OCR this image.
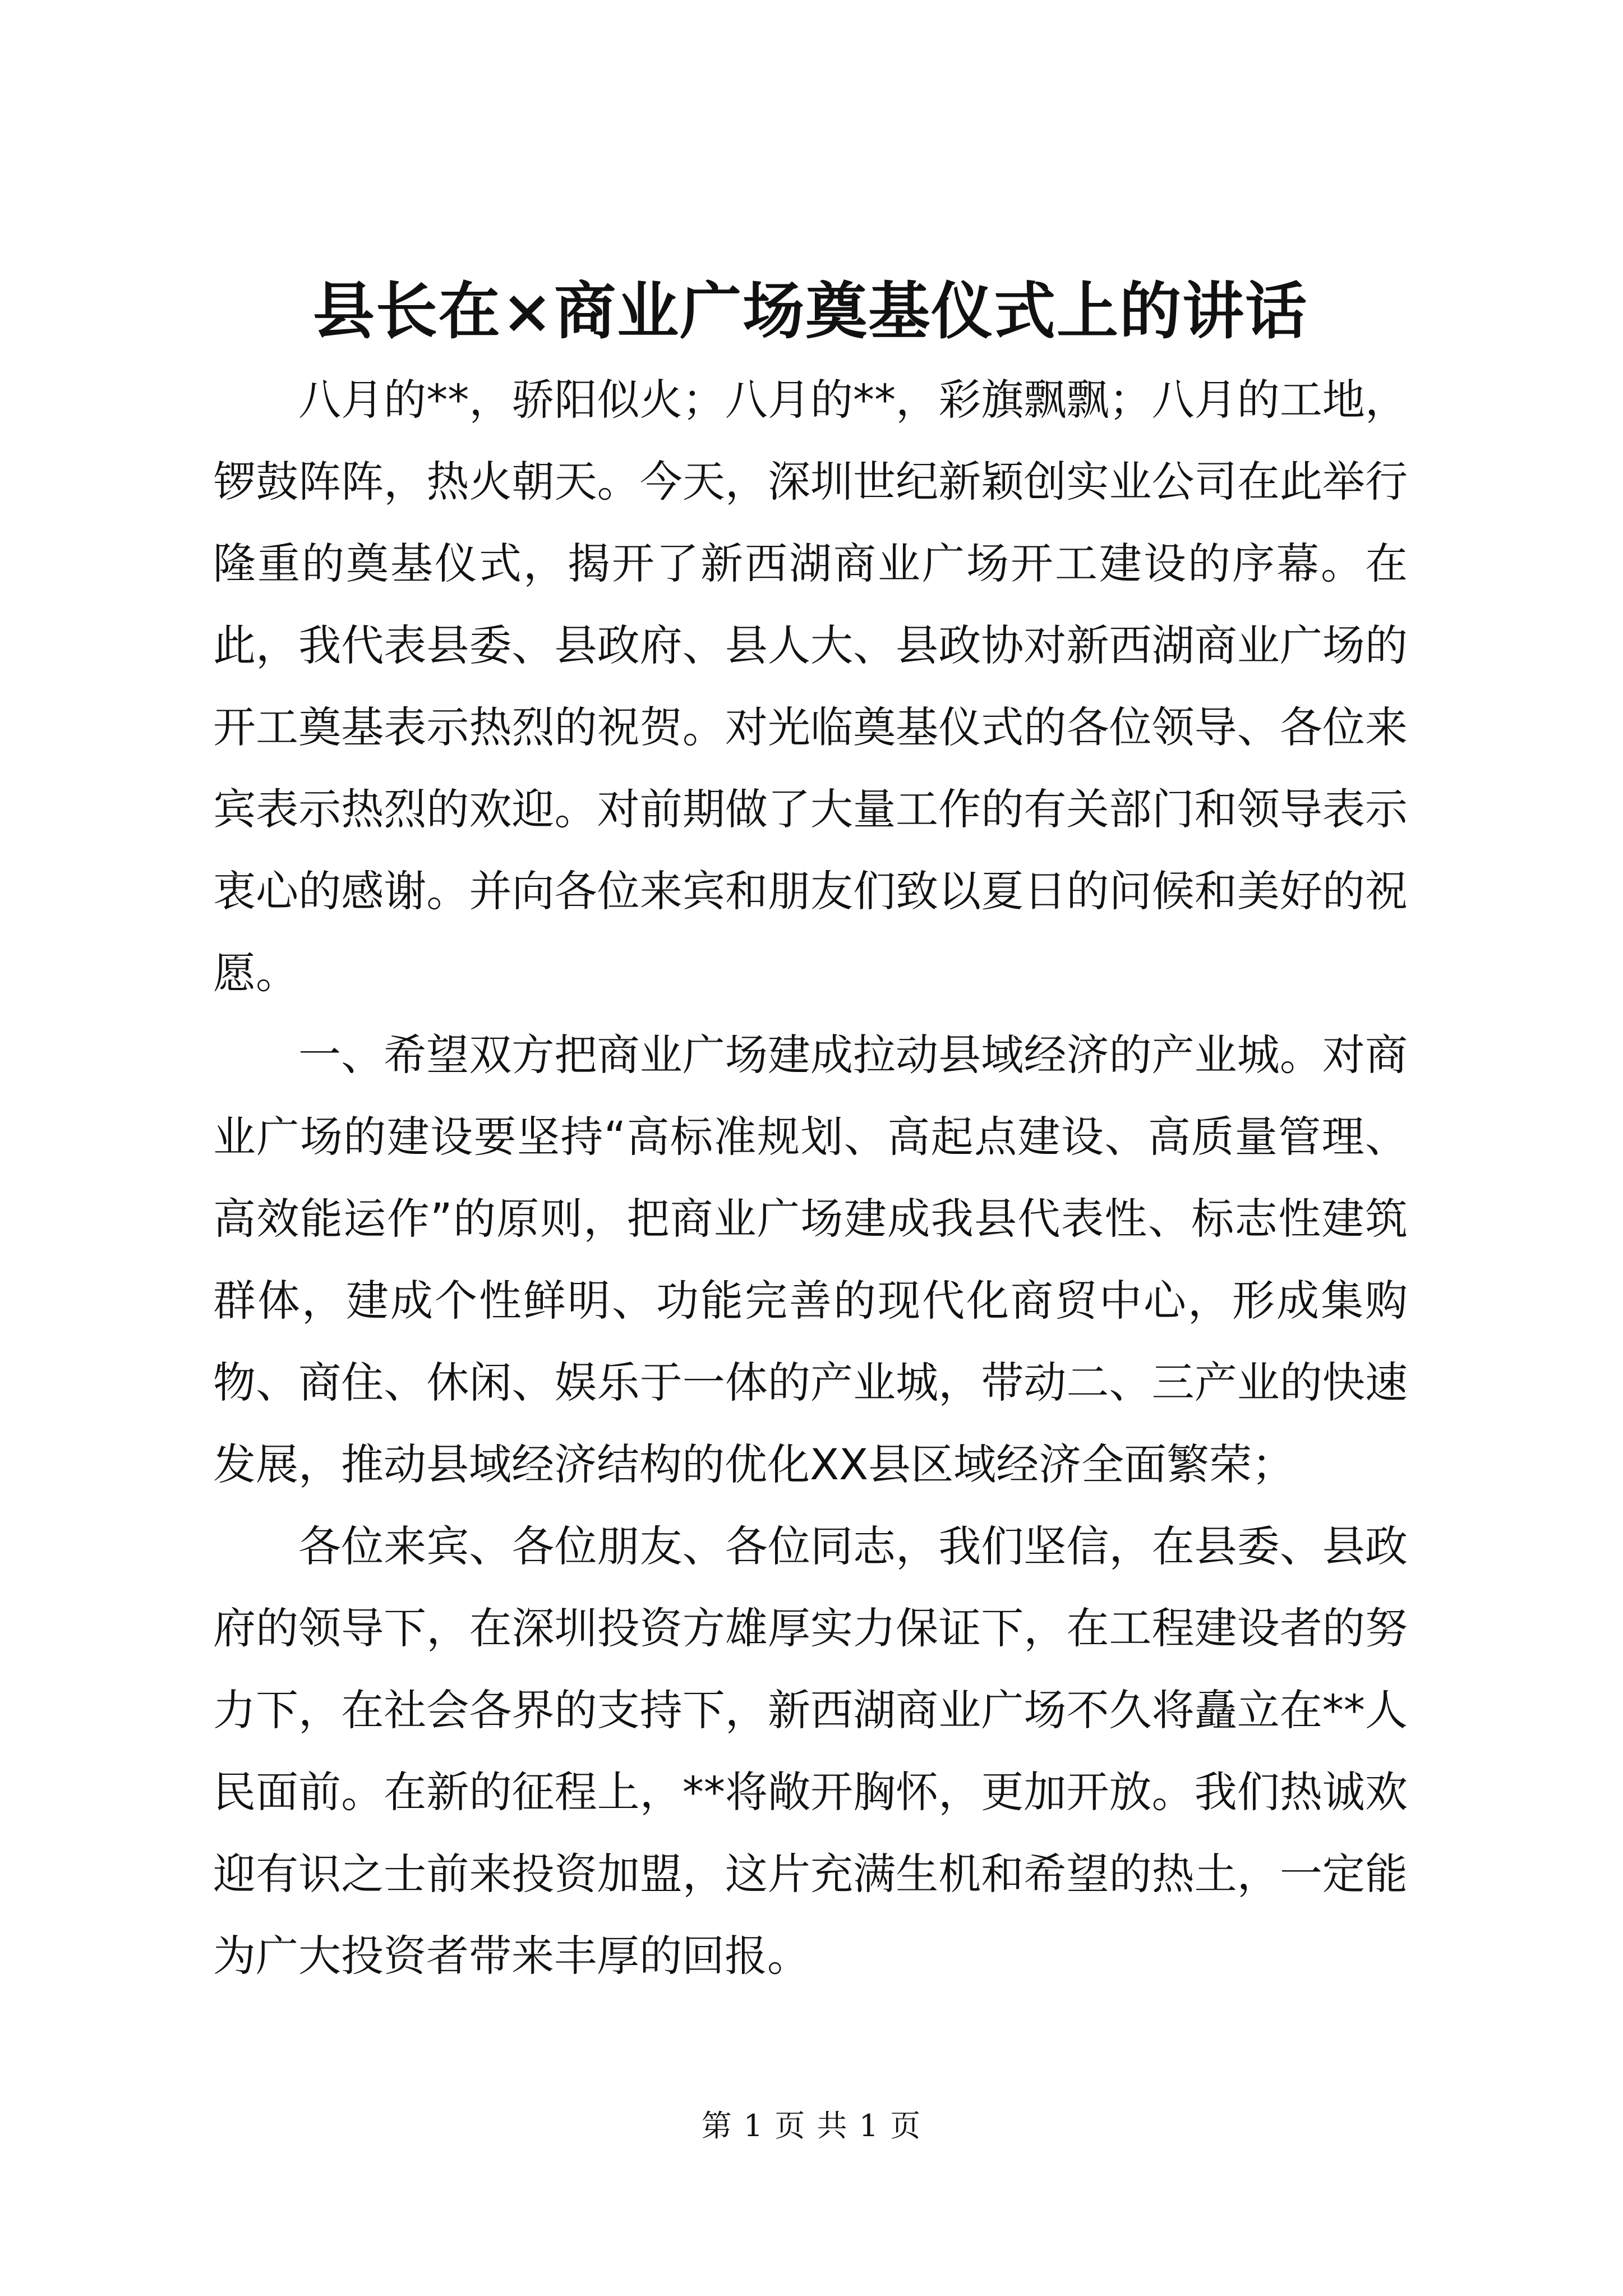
县长在×商业广场奠基仪式上的讲话

八月的**，骄阳似火；八月的**，彩旗飘飘；八月的工地，锣鼓阵阵，热火朝天。今天，深圳世纪新颖创实业公司在此举行隆重的奠基仪式，揭开了新西湖商业广场开工建设的序幕。在此，我代表县委、县政府、县人大、县政协对新西湖商业广场的开工奠基表示热烈的祝贺。对光临奠基仪式的各位领导、各位来宾表示热烈的欢迎。对前期做了大量工作的有关部门和领导表示衷心的感谢。并向各位来宾和朋友们致以夏日的问候和美好的祝愿。

一、希望双方把商业广场建成拉动县域经济的产业城。对商业广场的建设要坚持“高标准规划、高起点建设、高质量管理、高效能运作”的原则，把商业广场建成我县代表性、标志性建筑群体，建成个性鲜明、功能完善的现代化商贸中心，形成集购物、商住、休闲、娱乐于一体的产业城，带动二、三产业的快速发展，推动县域经济结构的优化XX县区域经济全面繁荣；

各位来宾、各位朋友、各位同志，我们坚信，在县委、县政府的领导下，在深圳投资方雄厚实力保证下，在工程建设者的努力下，在社会各界的支持下，新西湖商业广场不久将矗立在**人民面前。在新的征程上，**将敞开胸怀，更加开放。我们热诚欢迎有识之士前来投资加盟，这片充满生机和希望的热土，一定能为广大投资者带来丰厚的回报。

第 1 页 共 1 页
